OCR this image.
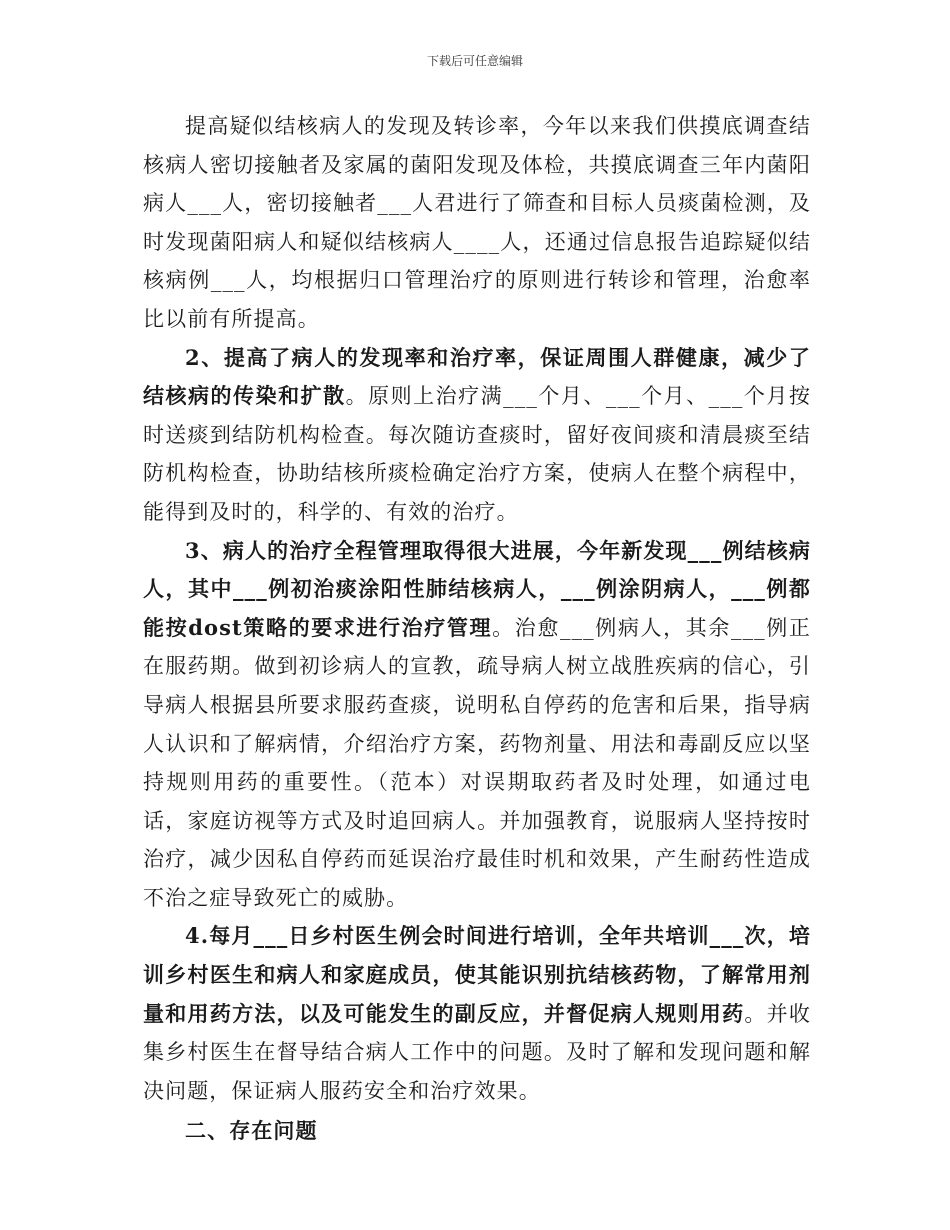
下载后可任意编辑

提高疑似结核病人的发现及转诊率，今年以来我们供摸底调查结核病人密切接触者及家属的菌阳发现及体检，共摸底调查三年内菌阳病人___人，密切接触者___人君进行了筛查和目标人员痰菌检测，及时发现菌阳病人和疑似结核病人____人，还通过信息报告追踪疑似结核病例___人，均根据归口管理治疗的原则进行转诊和管理，治愈率比以前有所提高。

2、提高了病人的发现率和治疗率，保证周围人群健康，减少了结核病的传染和扩散。原则上治疗满___个月、___个月、___个月按时送痰到结防机构检查。每次随访查痰时，留好夜间痰和清晨痰至结防机构检查，协助结核所痰检确定治疗方案，使病人在整个病程中，能得到及时的，科学的、有效的治疗。

3、病人的治疗全程管理取得很大进展，今年新发现___例结核病人，其中___例初治痰涂阳性肺结核病人，___例涂阴病人，___例都能按dost策略的要求进行治疗管理。治愈___例病人，其余___例正在服药期。做到初诊病人的宣教，疏导病人树立战胜疾病的信心，引导病人根据县所要求服药查痰，说明私自停药的危害和后果，指导病人认识和了解病情，介绍治疗方案，药物剂量、用法和毒副反应以坚持规则用药的重要性。（范本）对误期取药者及时处理，如通过电话，家庭访视等方式及时追回病人。并加强教育，说服病人坚持按时治疗，减少因私自停药而延误治疗最佳时机和效果，产生耐药性造成不治之症导致死亡的威胁。

4.每月___日乡村医生例会时间进行培训，全年共培训___次，培训乡村医生和病人和家庭成员，使其能识别抗结核药物，了解常用剂量和用药方法，以及可能发生的副反应，并督促病人规则用药。并收集乡村医生在督导结合病人工作中的问题。及时了解和发现问题和解决问题，保证病人服药安全和治疗效果。

二、存在问题
